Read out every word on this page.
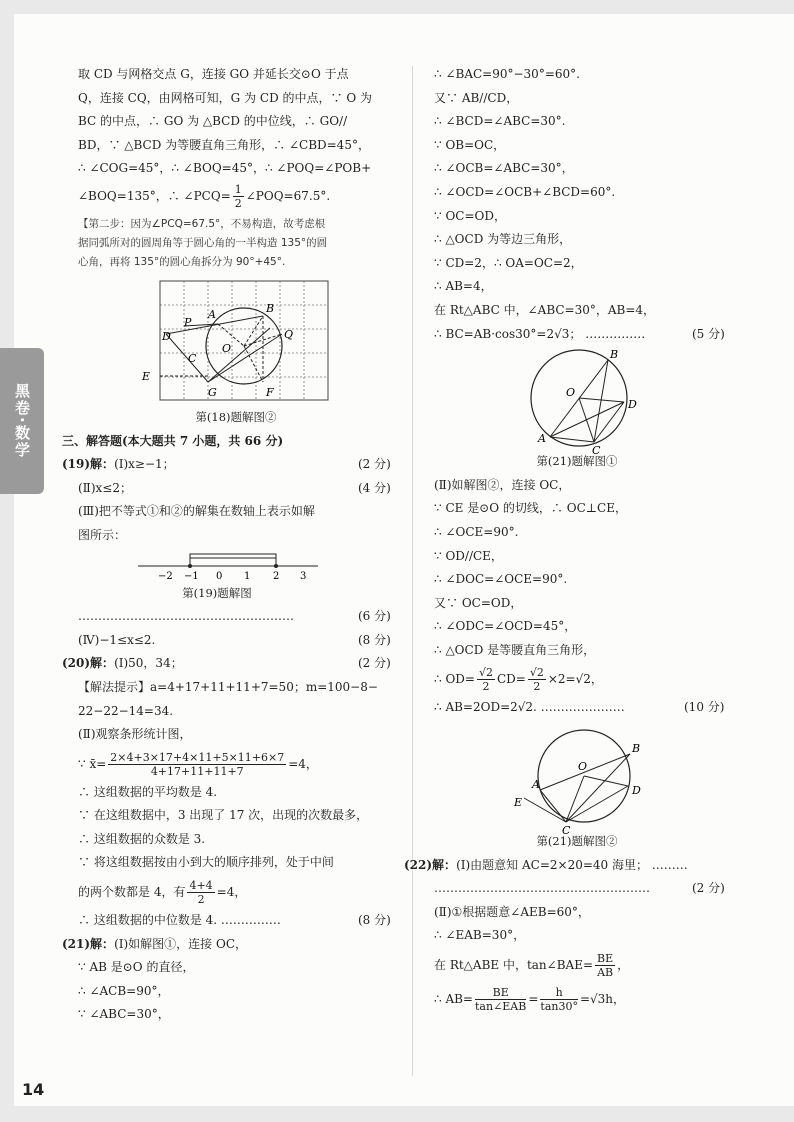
黑卷·数学
取 CD 与网格交点 G，连接 GO 并延长交⊙O 于点
Q，连接 CQ，由网格可知，G 为 CD 的中点，∵ O 为
BC 的中点，∴ GO 为 △BCD 的中位线，∴ GO//
BD，∵ △BCD 为等腰直角三角形，∴ ∠CBD=45°，
∴ ∠COG=45°，∴ ∠BOQ=45°，∴ ∠POQ=∠POB+
∠BOQ=135°，∴ ∠PCQ= $\frac{1}{2}$ ∠POQ=67.5°.
【第二步：因为∠PCQ=67.5°，不易构造，故考虑根
据同弧所对的圆周角等于圆心角的一半构造 135°的圆
心角，再将 135°的圆心角拆分为 90°+45°.
D
P
A	B
Q
C
O
E
G	F
第(18)题解图②
三、解答题(本大题共 7 小题，共 66 分)
(19)解：(Ⅰ)x≥−1；	(2 分)
(Ⅱ)x≤2；	(4 分)
(Ⅲ)把不等式①和②的解集在数轴上表示如解
图所示：
−2 −1 0 1 2 3
第(19)题解图
………………………………………………	(6 分)
(Ⅳ)−1≤x≤2.	(8 分)
(20)解：(Ⅰ)50，34；	(2 分)
【解法提示】a=4+17+11+11+7=50；m=100−8−
22−22−14=34.
(Ⅱ)观察条形统计图，
∵ x̄= $\frac{2\times 4+3\times 17+4\times 11+5\times 11+6\times 7}{4+17+11+11+7} =4$，
∴ 这组数据的平均数是 4.
∵ 在这组数据中，3 出现了 17 次，出现的次数最多，
∴ 这组数据的众数是 3.
∵ 将这组数据按由小到大的顺序排列，处于中间
的两个数都是 4，有 $\frac{4+4}{2} =4$，
∴ 这组数据的中位数是 4. ……………	(8 分)
(21)解：(Ⅰ)如解图①，连接 OC，
∵ AB 是⊙O 的直径，
∴ ∠ACB=90°，
∵ ∠ABC=30°，
∴ ∠BAC=90°−30°=60°.
又∵ AB//CD，
∴ ∠BCD=∠ABC=30°.
∵ OB=OC，
∴ ∠OCB=∠ABC=30°，
∴ ∠OCD=∠OCB+∠BCD=60°.
∵ OC=OD，
∴ △OCD 为等边三角形，
∵ CD=2，∴ OA=OC=2，
∴ AB=4，
在 Rt△ABC 中，∠ABC=30°，AB=4，
∴ BC=AB·cos30°=2√3； ……………	(5 分)
B
O
D
A
C
第(21)题解图①
(Ⅱ)如解图②，连接 OC，
∵ CE 是⊙O 的切线，∴ OC⊥CE，
∴ ∠OCE=90°.
∵ OD//CE，
∴ ∠DOC=∠OCE=90°.
又∵ OC=OD，
∴ ∠ODC=∠OCD=45°，
∴ △OCD 是等腰直角三角形，
∴ $OD= \frac{√2}{2} CD= \frac{√2}{2} \times 2=√2$，
∴ AB=2OD=2√2. …………………	(10 分)
B
O
D
A
E
C
第(21)题解图②
(22)解：(Ⅰ)由题意知 AC=2×20=40 海里； ………
………………………………………………	(2 分)
(Ⅱ)①根据题意∠AEB=60°，
∴ ∠EAB=30°，
在 Rt△ABE 中，tan∠BAE= $\frac{BE}{AB}$ ，
∴ $AB= \frac{BE}{\text{tan∠EAB}} = \frac{h}{\tan 30^\circ} =√3h$，
14
